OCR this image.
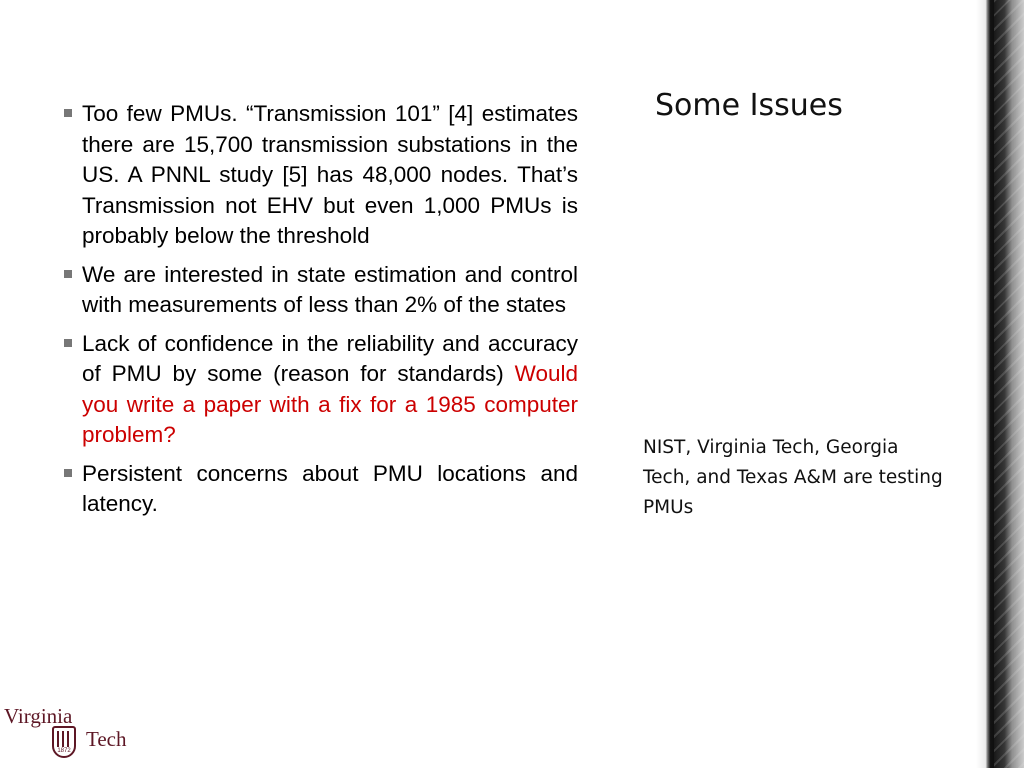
Some Issues
Too few PMUs. “Transmission 101” [4] estimates there are 15,700 transmission substations in the US. A PNNL study [5] has 48,000 nodes. That’s Transmission not EHV but even 1,000 PMUs is probably below the threshold
We are interested in state estimation and control with measurements of less than 2% of the states
Lack of confidence in the reliability and accuracy of PMU by some (reason for standards) Would you write a paper with a fix for a 1985 computer problem?
Persistent concerns about PMU locations and latency.
NIST, Virginia Tech, Georgia Tech, and Texas A&M are testing PMUs
Virginia
1872 Tech
